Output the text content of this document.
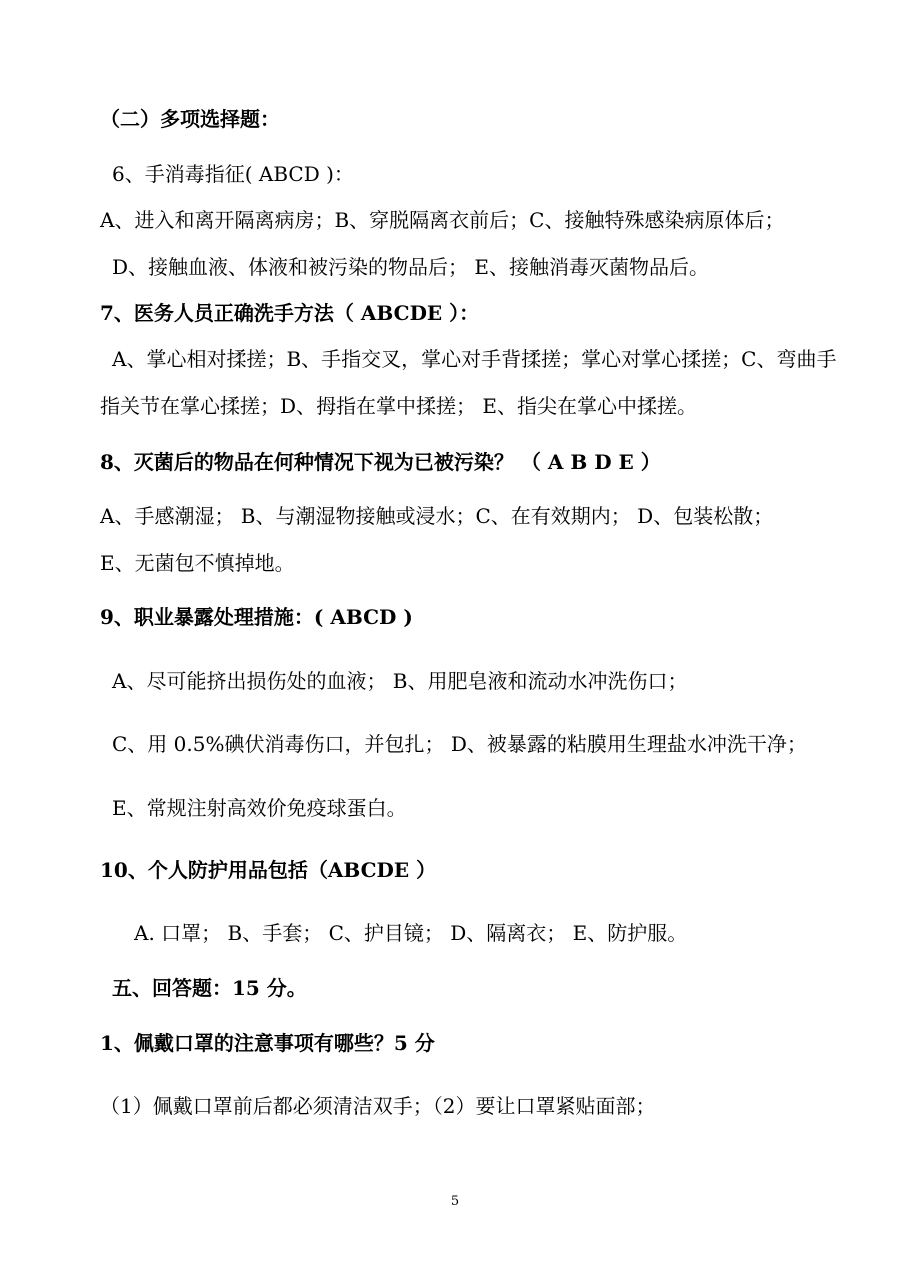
（二）多项选择题：
6、手消毒指征( ABCD )：
A、进入和离开隔离病房；B、穿脱隔离衣前后；C、接触特殊感染病原体后；
D、接触血液、体液和被污染的物品后； E、接触消毒灭菌物品后。
7、医务人员正确洗手方法（ ABCDE ）：
A、掌心相对揉搓；B、手指交叉，掌心对手背揉搓；掌心对掌心揉搓；C、弯曲手
指关节在掌心揉搓；D、拇指在掌中揉搓； E、指尖在掌心中揉搓。
8、灭菌后的物品在何种情况下视为已被污染？ （ A B D E ）
A、手感潮湿； B、与潮湿物接触或浸水；C、在有效期内； D、包装松散；
E、无菌包不慎掉地。
9、职业暴露处理措施：( ABCD )
A、尽可能挤出损伤处的血液； B、用肥皂液和流动水冲洗伤口；
C、用 0.5%碘伏消毒伤口，并包扎； D、被暴露的粘膜用生理盐水冲洗干净；
E、常规注射高效价免疫球蛋白。
10、个人防护用品包括（ABCDE ）
A. 口罩； B、手套； C、护目镜； D、隔离衣； E、防护服。
五、回答题：15 分。
1、佩戴口罩的注意事项有哪些？5 分
（1）佩戴口罩前后都必须清洁双手；（2）要让口罩紧贴面部；
5
